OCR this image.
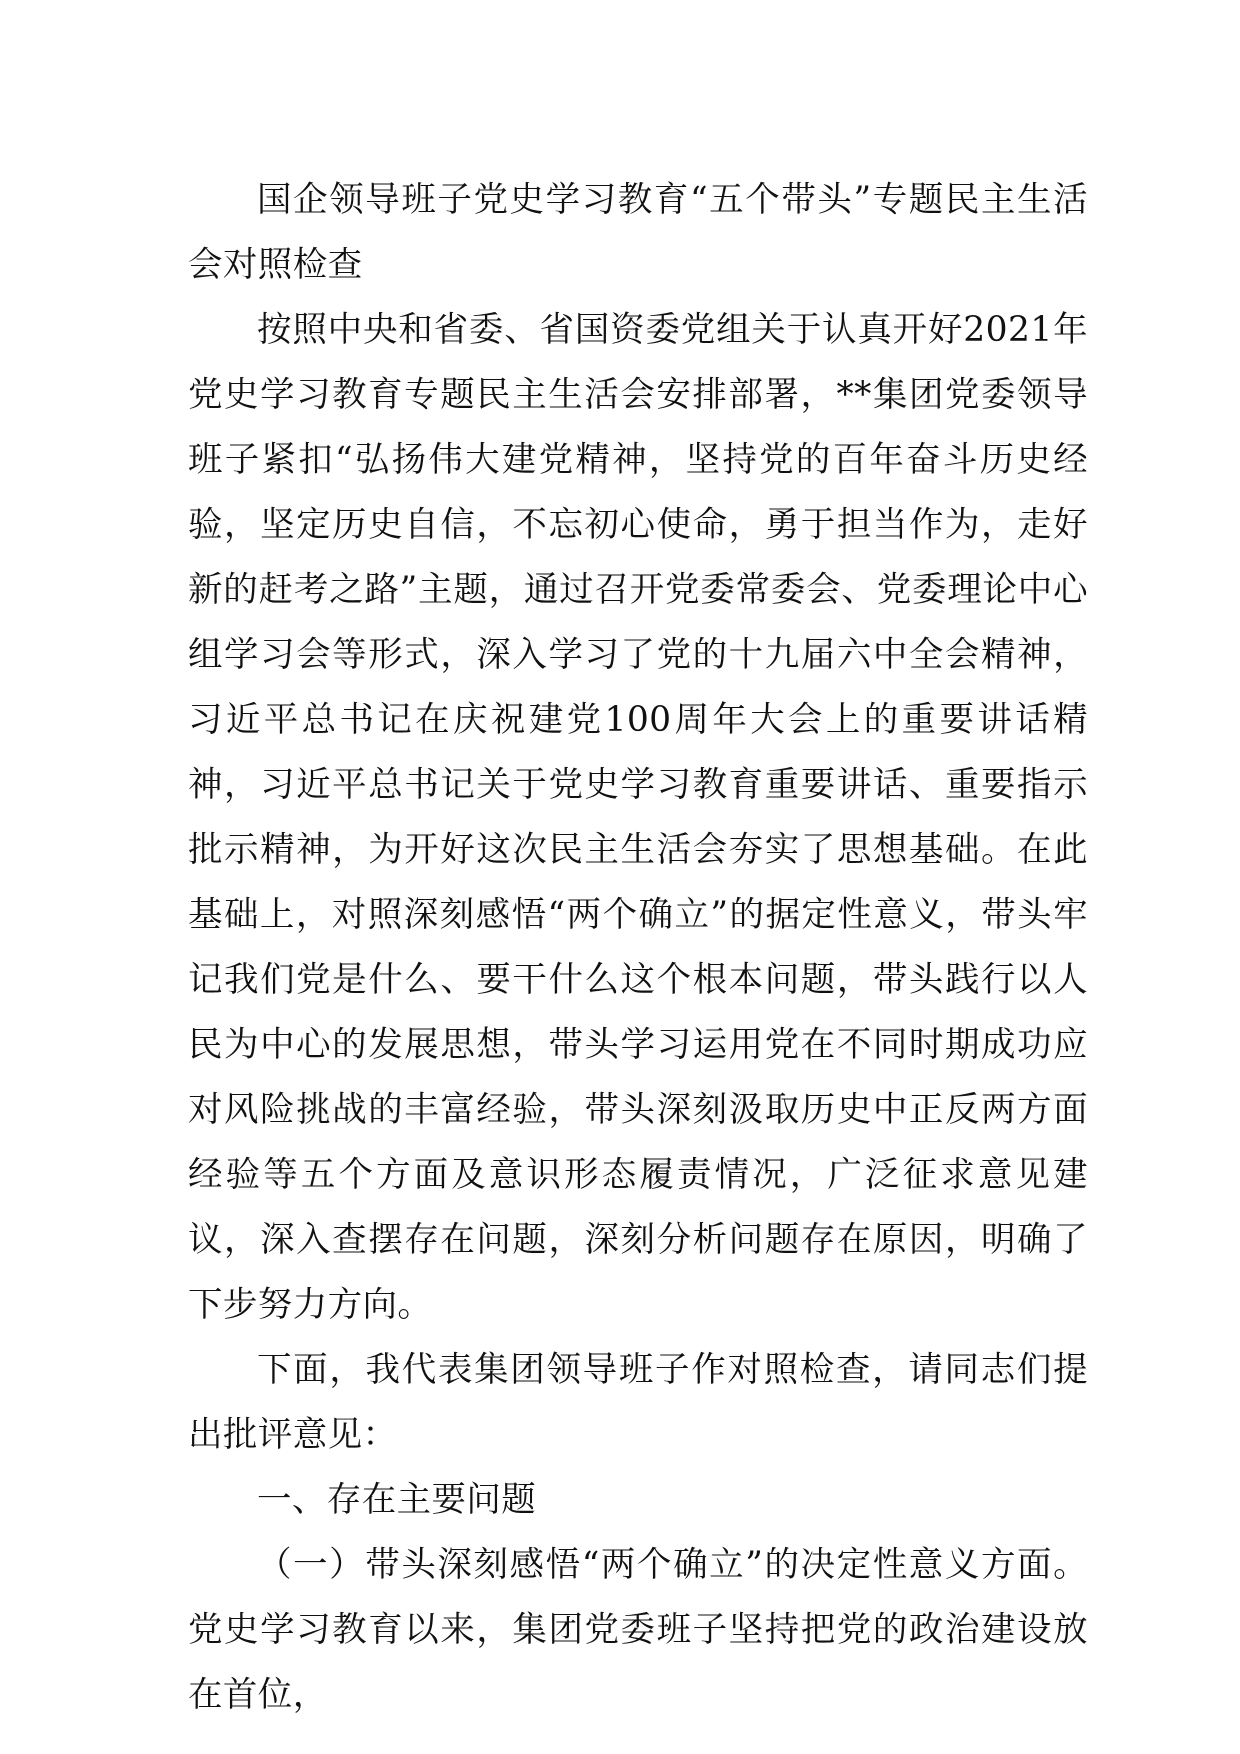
国企领导班子党史学习教育“五个带头”专题民主生活会对照检查

按照中央和省委、省国资委党组关于认真开好2021年党史学习教育专题民主生活会安排部署，**集团党委领导班子紧扣“弘扬伟大建党精神，坚持党的百年奋斗历史经验，坚定历史自信，不忘初心使命，勇于担当作为，走好新的赶考之路”主题，通过召开党委常委会、党委理论中心组学习会等形式，深入学习了党的十九届六中全会精神，习近平总书记在庆祝建党100周年大会上的重要讲话精神，习近平总书记关于党史学习教育重要讲话、重要指示批示精神，为开好这次民主生活会夯实了思想基础。在此基础上，对照深刻感悟“两个确立”的据定性意义，带头牢记我们党是什么、要干什么这个根本问题，带头践行以人民为中心的发展思想，带头学习运用党在不同时期成功应对风险挑战的丰富经验，带头深刻汲取历史中正反两方面经验等五个方面及意识形态履责情况，广泛征求意见建议，深入查摆存在问题，深刻分析问题存在原因，明确了下步努力方向。

下面，我代表集团领导班子作对照检查，请同志们提出批评意见：

一、存在主要问题

（一）带头深刻感悟“两个确立”的决定性意义方面。党史学习教育以来，集团党委班子坚持把党的政治建设放在首位，
